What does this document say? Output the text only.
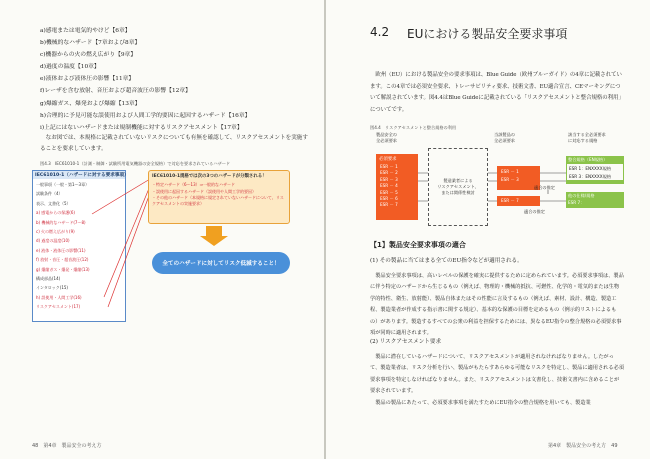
a)感電または電気的やけど【6章】
b)機械的なハザード【7章および8章】
c)機器からの火の燃え広がり【9章】
d)過度の温度【10章】
e)液体および液体圧の影響【11章】
f)レーザを含む放射、音圧および超音波圧の影響【12章】
g)爆縮ガス、爆発および爆縮【13章】
h)合理的に予見可能な誤使用および人間工学的要因に起因するハザード【16章】
i)上記にはないハザードまたは規制機能に対するリスクアセスメント【17章】
なお図では、本規格に記載されていないリスクについても有無を確認して、リスクアセスメントを実施することを要求しています。
図4.3　IEC61010-1（計測・制御・試験所用電気機器の安全規格）で対応を要求されているハザード
IEC61010-1（ハザードに対する要求事項）
一般事項（一般・第1〜3章）
試験条件（4）
表示、文書化（5）
a) 感電からの保護(6)
b) 機械的なハザード(7〜8)
c) 火の燃え広がり(9)
d) 過度の温度(10)
e) 液体・液体圧の影響(11)
f) 放射・音圧・超音波圧(12)
g) 爆縮ガス・爆発・爆縮(13)
構成部品(14)
インタロック(15)
h) 誤使用・人間工学(16)
リスクアセスメント(17)
IEC61010-1規格では次の3つのハザードが分類される！
・特定ハザード（6〜13）⇒一般的なハザード
・誤使用に起因するハザード（誤使用や人間工学的要因）
・その他のハザード（本規格に規定されていないハザードについて、リスクアセスメントの実施要求）
全てのハザードに対してリスク低減すること！
48　第4章　製品安全の考え方
4.2 EUにおける製品安全要求事項
欧州（EU）における製品安全の要求事項は、Blue Guide（欧州ブルーガイド）の4章に記載されています。この4章では必須安全要求、トレーサビリティ要求、技術文書、EU適合宣言、CEマーキングについて解説されています。図4.4はBlue Guideに記載されている「リスクアセスメントと整合規格の利用」についてです。
図4.4　リスクアセスメントと整合規格の利用
製品安全の
全必須要求
当該製品の
全必須要求
該当する全必須要求
に対応する規格
必須要求
ESR － 1
ESR － 2
ESR － 3
ESR － 4
ESR － 5
ESR － 6
ESR － 7
製造業者による
リスクアセスメント、
または関係性検討
ESR － 1
ESR － 3
ESR － 7
適合の推定
適合の推定
整合規格（EN規格）
ESR 1：ENXXXX規格
ESR 3：ENXXXX規格
他の仕様/規格
ESR 7：
【1】製品安全要求事項の適合
(1) その製品に当てはまる全てのEU指令などが適用される。
製品安全要求事項は、高いレベルの保護を確実に提供するために定められています。必須要求事項は、製品に伴う特定のハザードから生じるもの（例えば、物理的・機械的抵抗、可燃性、化学的・電気的または生物学的特性、衛生、放射能）、製品自体またはその性能に言及するもの（例えば、素材、設計、構造、製造工程、製造業者が作成する指示書に関する規定）、基本的な保護の目標を定めるもの（例示的リストによるもの）があります。製造するすべての公衆の利益を担保するためには、異なるEU指令の整合規格の必須要求事項が同時に適用されます。
(2) リスクアセスメント要求
製品に潜在しているハザードについて、リスクアセスメントが適用されなければなりません。したがって、製造業者は、リスク分析を行い、製品がもたらすあらゆる可能なリスクを特定し、製品に適用される必須要求事項を特定しなければなりません。また、リスクアセスメントは文書化し、技術文書内に含めることが要求されています。
製品の製品にあたって、必須要求事項を満たすためにEU指令の整合規格を用いても、製造業
第4章　製品安全の考え方　49
